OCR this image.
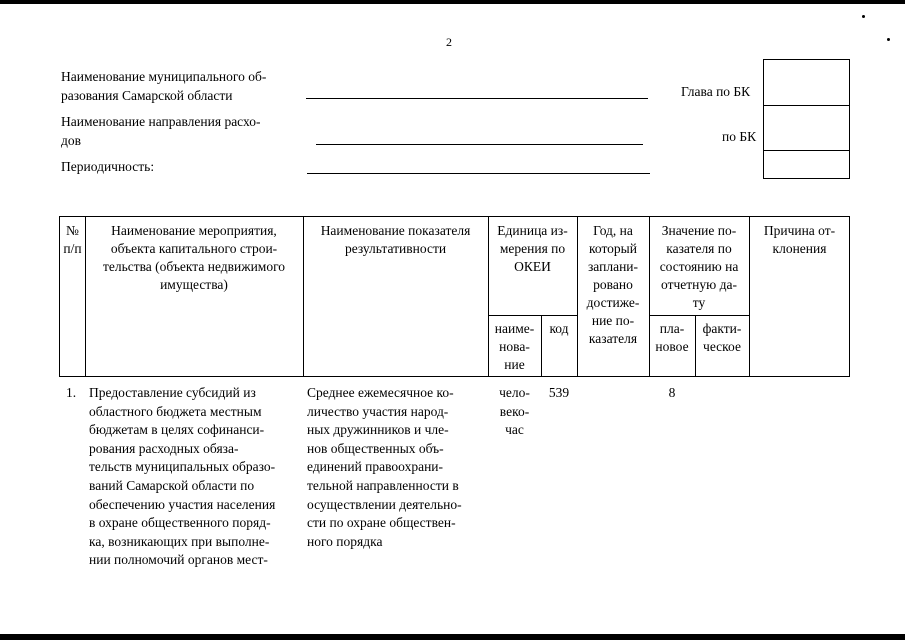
2
Наименование муниципального об-
разования Самарской области
Наименование направления расхо-
дов
Периодичность:
Глава по БК
по БК
№
п/п
Наименование мероприятия,
объекта капитального строи-
тельства (объекта недвижимого
имущества)
Наименование показателя
результативности
Единица из-
мерения по
ОКЕИ
наиме-
нова-
ние
код
Год, на
который
заплани-
ровано
достиже-
ние по-
казателя
Значение по-
казателя по
состоянию на
отчетную да-
ту
пла-
новое
факти-
ческое
Причина от-
клонения
1. Предоставление субсидий из
областного бюджета местным
бюджетам в целях софинанси-
рования расходных обяза-
тельств муниципальных образо-
ваний Самарской области по
обеспечению участия населения
в охране общественного поряд-
ка, возникающих при выполне-
нии полномочий органов мест-
Среднее ежемесячное ко-
личество участия народ-
ных дружинников и чле-
нов общественных объ-
единений правоохрани-
тельной направленности в
осуществлении деятельно-
сти по охране обществен-
ного порядка
чело-
веко-
час
539	8
